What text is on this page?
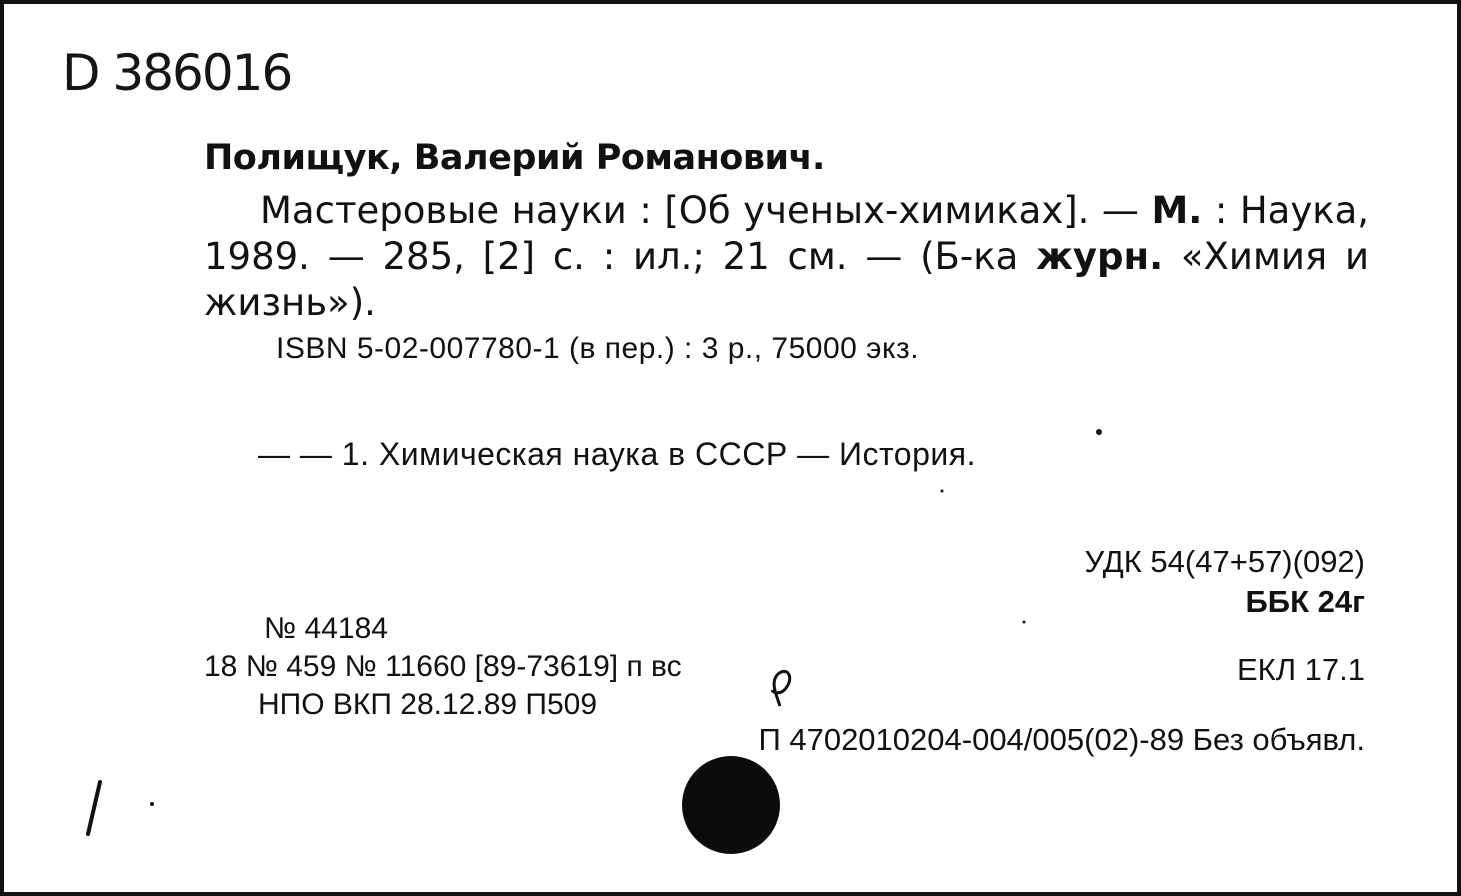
D 386016
Полищук, Валерий Романович.
Мастеровые науки : [Об ученых-химиках]. — М. : Наука, 1989. — 285, [2] с. : ил.; 21 см. — (Б-ка журн. «Химия и жизнь»).
ISBN 5-02-007780-1 (в пер.) : 3 р., 75000 экз.
— — 1. Химическая наука в СССР — История.
УДК 54(47+57)(092)
ББК 24г
ЕКЛ 17.1
№ 44184
18 № 459 № 11660 [89-73619] п вс
НПО ВКП 28.12.89 П509
П 4702010204-004/005(02)-89 Без объявл.
